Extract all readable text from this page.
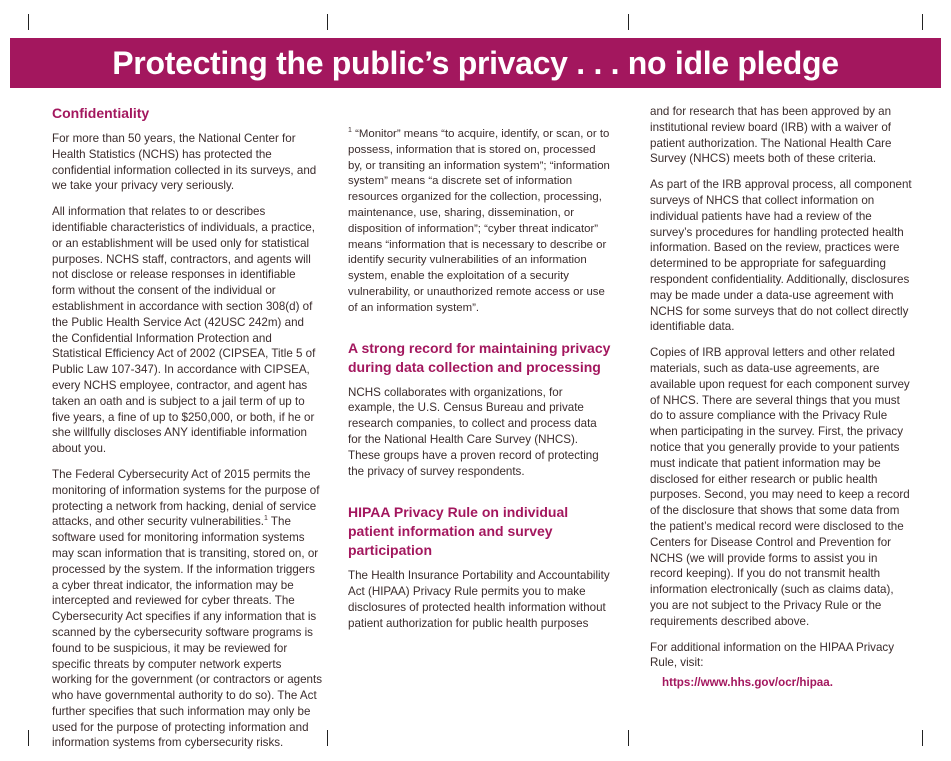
Protecting the public’s privacy . . . no idle pledge
Confidentiality

For more than 50 years, the National Center for Health Statistics (NCHS) has protected the confidential information collected in its surveys, and we take your privacy very seriously.

All information that relates to or describes identifiable characteristics of individuals, a practice, or an establishment will be used only for statistical purposes. NCHS staff, contractors, and agents will not disclose or release responses in identifiable form without the consent of the individual or establishment in accordance with section 308(d) of the Public Health Service Act (42USC 242m) and the Confidential Information Protection and Statistical Efficiency Act of 2002 (CIPSEA, Title 5 of Public Law 107-347). In accordance with CIPSEA, every NCHS employee, contractor, and agent has taken an oath and is subject to a jail term of up to five years, a fine of up to $250,000, or both, if he or she willfully discloses ANY identifiable information about you.

The Federal Cybersecurity Act of 2015 permits the monitoring of information systems for the purpose of protecting a network from hacking, denial of service attacks, and other security vulnerabilities.$^1$ The software used for monitoring information systems may scan information that is transiting, stored on, or processed by the system. If the information triggers a cyber threat indicator, the information may be intercepted and reviewed for cyber threats. The Cybersecurity Act specifies if any information that is scanned by the cybersecurity software programs is found to be suspicious, it may be reviewed for specific threats by computer network experts working for the government (or contractors or agents who have governmental authority to do so). The Act further specifies that such information may only be used for the purpose of protecting information and information systems from cybersecurity risks.

$^1$ “Monitor” means “to acquire, identify, or scan, or to possess, information that is stored on, processed by, or transiting an information system”; “information system” means “a discrete set of information resources organized for the collection, processing, maintenance, use, sharing, dissemination, or disposition of information”; “cyber threat indicator” means “information that is necessary to describe or identify security vulnerabilities of an information system, enable the exploitation of a security vulnerability, or unauthorized remote access or use of an information system”.

A strong record for maintaining privacy during data collection and processing

NCHS collaborates with organizations, for example, the U.S. Census Bureau and private research companies, to collect and process data for the National Health Care Survey (NHCS). These groups have a proven record of protecting the privacy of survey respondents.

HIPAA Privacy Rule on individual patient information and survey participation

The Health Insurance Portability and Accountability Act (HIPAA) Privacy Rule permits you to make disclosures of protected health information without patient authorization for public health purposes

and for research that has been approved by an institutional review board (IRB) with a waiver of patient authorization. The National Health Care Survey (NHCS) meets both of these criteria.

As part of the IRB approval process, all component surveys of NHCS that collect information on individual patients have had a review of the survey’s procedures for handling protected health information. Based on the review, practices were determined to be appropriate for safeguarding respondent confidentiality. Additionally, disclosures may be made under a data-use agreement with NCHS for some surveys that do not collect directly identifiable data.

Copies of IRB approval letters and other related materials, such as data-use agreements, are available upon request for each component survey of NHCS. There are several things that you must do to assure compliance with the Privacy Rule when participating in the survey. First, the privacy notice that you generally provide to your patients must indicate that patient information may be disclosed for either research or public health purposes. Second, you may need to keep a record of the disclosure that shows that some data from the patient’s medical record were disclosed to the Centers for Disease Control and Prevention for NCHS (we will provide forms to assist you in record keeping). If you do not transmit health information electronically (such as claims data), you are not subject to the Privacy Rule or the requirements described above.

For additional information on the HIPAA Privacy Rule, visit:

https://www.hhs.gov/ocr/hipaa.
